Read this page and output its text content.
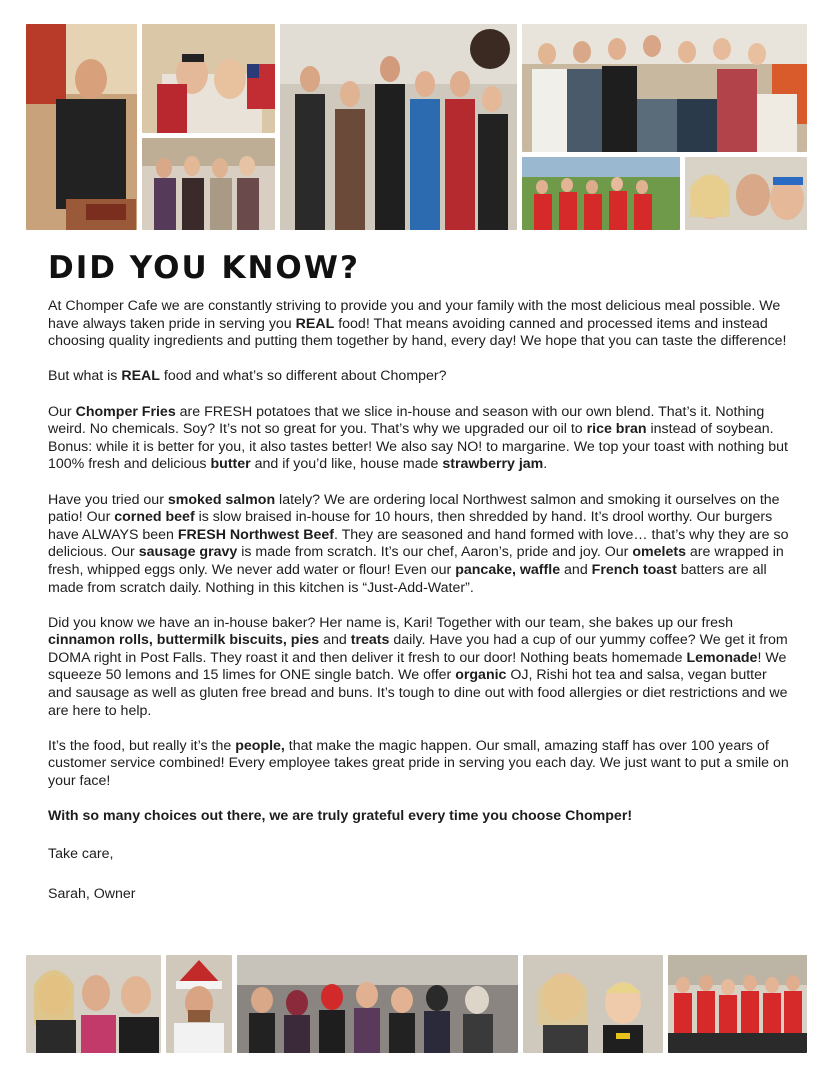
DID YOU KNOW?

At Chomper Cafe we are constantly striving to provide you and your family with the most delicious meal possible. We have always taken pride in serving you REAL food! That means avoiding canned and processed items and instead choosing quality ingredients and putting them together by hand, every day! We hope that you can taste the difference!

But what is REAL food and what’s so different about Chomper?

Our Chomper Fries are FRESH potatoes that we slice in-house and season with our own blend. That’s it. Nothing weird. No chemicals. Soy? It’s not so great for you. That’s why we upgraded our oil to rice bran instead of soybean. Bonus: while it is better for you, it also tastes better! We also say NO! to margarine. We top your toast with nothing but 100% fresh and delicious butter and if you’d like, house made strawberry jam.

Have you tried our smoked salmon lately? We are ordering local Northwest salmon and smoking it ourselves on the patio! Our corned beef is slow braised in-house for 10 hours, then shredded by hand. It’s drool worthy. Our burgers have ALWAYS been FRESH Northwest Beef. They are seasoned and hand formed with love… that’s why they are so delicious. Our sausage gravy is made from scratch. It’s our chef, Aaron’s, pride and joy. Our omelets are wrapped in fresh, whipped eggs only. We never add water or flour! Even our pancake, waffle and French toast batters are all made from scratch daily. Nothing in this kitchen is “Just-Add-Water”.

Did you know we have an in-house baker? Her name is, Kari! Together with our team, she bakes up our fresh cinnamon rolls, buttermilk biscuits, pies and treats daily. Have you had a cup of our yummy coffee? We get it from DOMA right in Post Falls. They roast it and then deliver it fresh to our door! Nothing beats homemade Lemonade! We squeeze 50 lemons and 15 limes for ONE single batch. We offer organic OJ, Rishi hot tea and salsa, vegan butter and sausage as well as gluten free bread and buns. It’s tough to dine out with food allergies or diet restrictions and we are here to help.

It’s the food, but really it’s the people, that make the magic happen. Our small, amazing staff has over 100 years of customer service combined! Every employee takes great pride in serving you each day. We just want to put a smile on your face!

With so many choices out there, we are truly grateful every time you choose Chomper!

Take care,

Sarah, Owner
